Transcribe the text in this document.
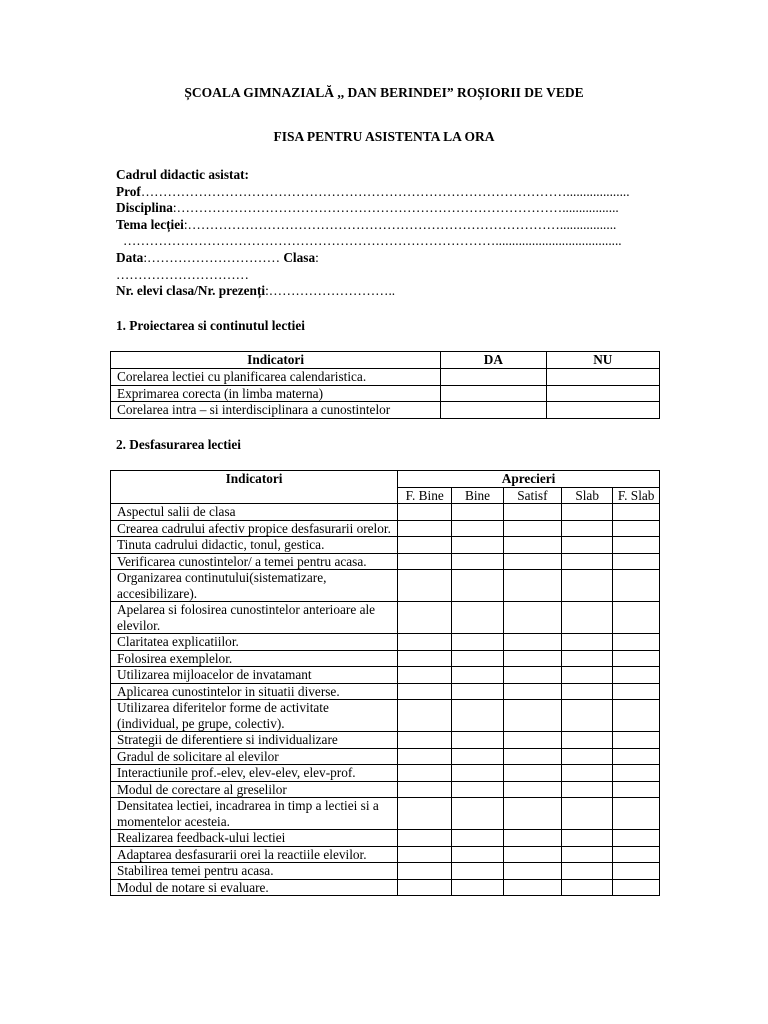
ȘCOALA GIMNAZIALĂ ,, DAN BERINDEI” ROȘIORII DE VEDE
FISA PENTRU ASISTENTA LA ORA
Cadrul didactic asistat:
Prof……………………………………………………………………………………...................
Disciplina:…………………………………………………………………………….................
Tema lecției:………………………………………………………………………….................
…………………………………………………………………………......................................
Data:………………………… Clasa:
…………………………
Nr. elevi clasa/Nr. prezenți:………………………..
1. Proiectarea si continutul lectiei
Indicatori	DA	NU
Corelarea lectiei cu planificarea calendaristica.		
Exprimarea corecta (in limba materna)		
Corelarea intra – si interdisciplinara a cunostintelor		
2. Desfasurarea lectiei
Indicatori	Aprecieri				
	F. Bine	Bine	Satisf	Slab	F. Slab
Aspectul salii de clasa					
Crearea cadrului afectiv propice desfasurarii orelor.					
Tinuta cadrului didactic, tonul, gestica.					
Verificarea cunostintelor/ a temei pentru acasa.					
Organizarea continutului(sistematizare, accesibilizare).					
Apelarea si folosirea cunostintelor anterioare ale elevilor.					
Claritatea explicatiilor.					
Folosirea exemplelor.					
Utilizarea mijloacelor de invatamant					
Aplicarea cunostintelor in situatii diverse.					
Utilizarea diferitelor forme de activitate (individual, pe grupe, colectiv).					
Strategii de diferentiere si individualizare					
Gradul de solicitare al elevilor					
Interactiunile prof.-elev, elev-elev, elev-prof.					
Modul de corectare al greselilor					
Densitatea lectiei, incadrarea in timp a lectiei si a momentelor acesteia.					
Realizarea feedback-ului lectiei					
Adaptarea desfasurarii orei la reactiile elevilor.					
Stabilirea temei pentru acasa.					
Modul de notare si evaluare.					
